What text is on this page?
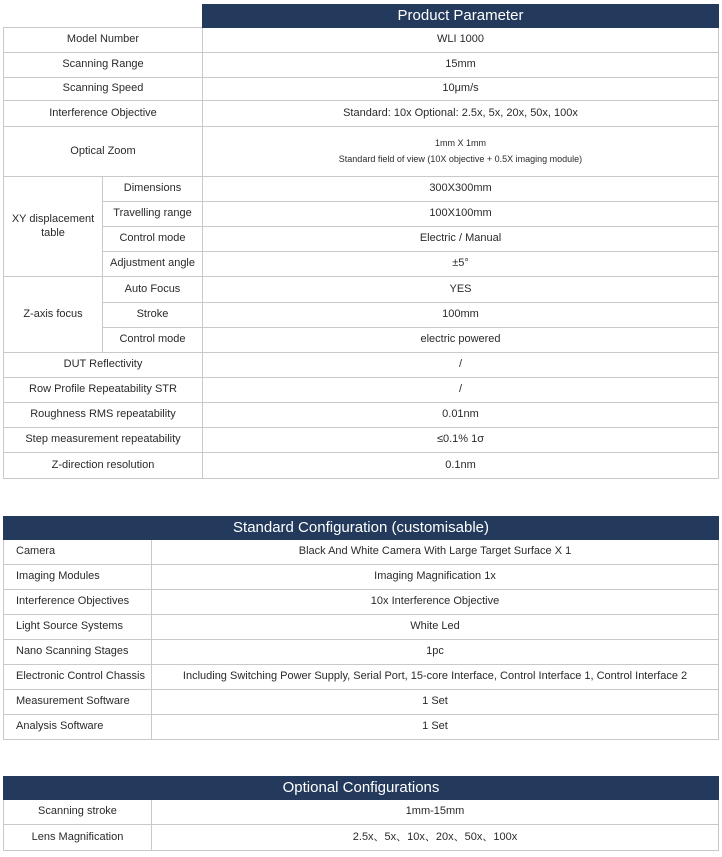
		Product Parameter
Model Number		WLI 1000
Scanning Range		15mm
Scanning Speed		10μm/s
Interference Objective		Standard: 10x Optional: 2.5x, 5x, 20x, 50x, 100x
Optical Zoom		1mm X 1mm
Standard field of view (10X objective + 0.5X imaging module)

XY displacement table	Dimensions	300X300mm
	Travelling range	100X100mm
	Control mode	Electric / Manual
	Adjustment angle	±5°
Z-axis focus	Auto Focus	YES
	Stroke	100mm
	Control mode	electric powered
DUT Reflectivity		/
Row Profile Repeatability STR		/
Roughness RMS repeatability		0.01nm
Step measurement repeatability		≤0.1% 1σ
Z-direction resolution		0.1nm
Standard Configuration (customisable)	
Camera	Black And White Camera With Large Target Surface X 1
Imaging Modules	Imaging Magnification 1x
Interference Objectives	10x Interference Objective
Light Source Systems	White Led
Nano Scanning Stages	1pc
Electronic Control Chassis	Including Switching Power Supply, Serial Port, 15-core Interface, Control Interface 1, Control Interface 2
Measurement Software	1 Set
Analysis Software	1 Set
Optional Configurations	
Scanning stroke	1mm-15mm
Lens Magnification	2.5x、5x、10x、20x、50x、100x
